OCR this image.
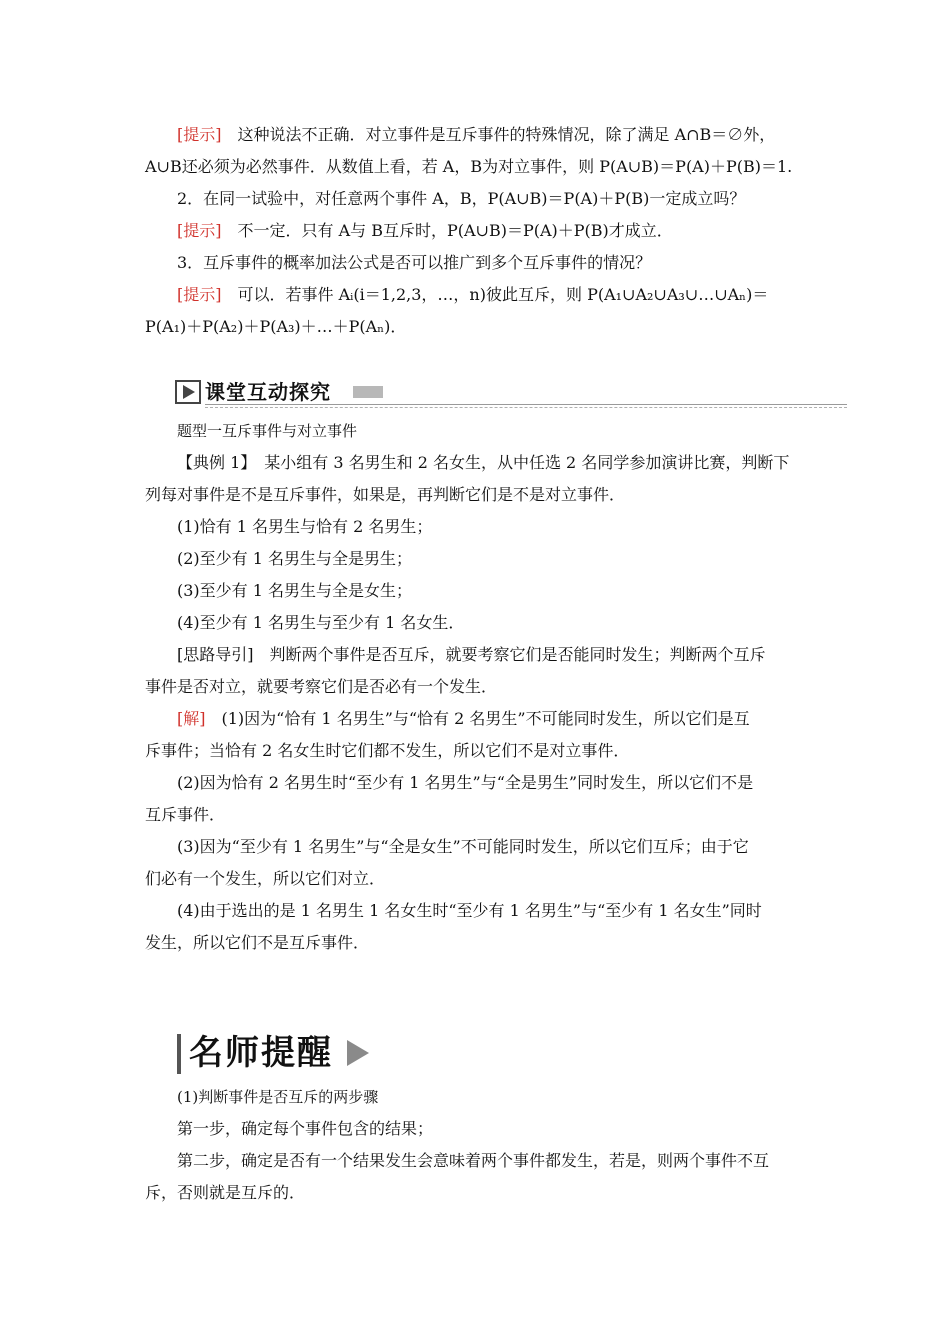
[提示]　这种说法不正确．对立事件是互斥事件的特殊情况，除了满足 A∩B＝∅外，
A∪B还必须为必然事件．从数值上看，若 A，B为对立事件，则 P(A∪B)＝P(A)＋P(B)＝1.
2．在同一试验中，对任意两个事件 A，B，P(A∪B)＝P(A)＋P(B)一定成立吗？
[提示]　不一定．只有 A与 B互斥时，P(A∪B)＝P(A)＋P(B)才成立．
3．互斥事件的概率加法公式是否可以推广到多个互斥事件的情况？
[提示]　可以．若事件 Aᵢ(i＝1,2,3，…，n)彼此互斥，则 P(A₁∪A₂∪A₃∪…∪Aₙ)＝
P(A₁)＋P(A₂)＋P(A₃)＋…＋P(Aₙ)．
课堂互动探究
题型一互斥事件与对立事件
【典例 1】　某小组有 3 名男生和 2 名女生，从中任选 2 名同学参加演讲比赛，判断下
列每对事件是不是互斥事件，如果是，再判断它们是不是对立事件．
(1)恰有 1 名男生与恰有 2 名男生；
(2)至少有 1 名男生与全是男生；
(3)至少有 1 名男生与全是女生；
(4)至少有 1 名男生与至少有 1 名女生．
[思路导引]　判断两个事件是否互斥，就要考察它们是否能同时发生；判断两个互斥
事件是否对立，就要考察它们是否必有一个发生．
[解]　(1)因为“恰有 1 名男生”与“恰有 2 名男生”不可能同时发生，所以它们是互
斥事件；当恰有 2 名女生时它们都不发生，所以它们不是对立事件．
(2)因为恰有 2 名男生时“至少有 1 名男生”与“全是男生”同时发生，所以它们不是
互斥事件．
(3)因为“至少有 1 名男生”与“全是女生”不可能同时发生，所以它们互斥；由于它
们必有一个发生，所以它们对立．
(4)由于选出的是 1 名男生 1 名女生时“至少有 1 名男生”与“至少有 1 名女生”同时
发生，所以它们不是互斥事件．
名师提醒
(1)判断事件是否互斥的两步骤
第一步，确定每个事件包含的结果；
第二步，确定是否有一个结果发生会意味着两个事件都发生，若是，则两个事件不互
斥，否则就是互斥的．
